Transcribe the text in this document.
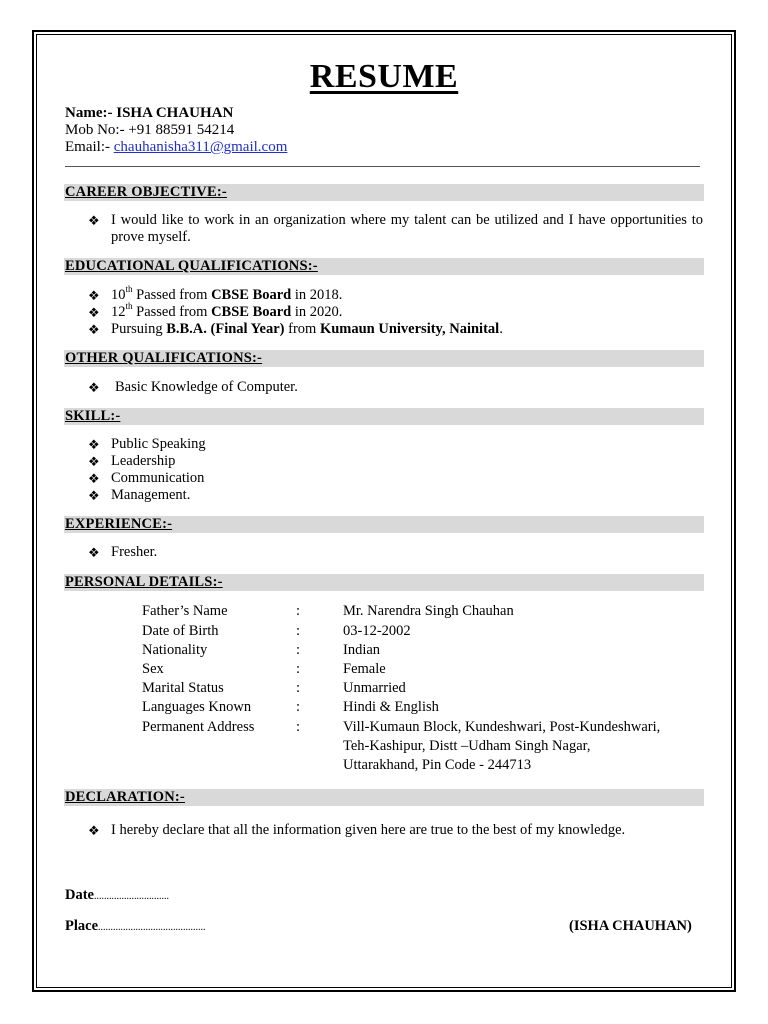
RESUME
Name:- ISHA CHAUHAN
Mob No:- +91 88591 54214
Email:- chauhanisha311@gmail.com
CAREER OBJECTIVE:-
❖ I would like to work in an organization where my talent can be utilized and I have opportunities to prove myself.
EDUCATIONAL QUALIFICATIONS:-
❖ 10th Passed from CBSE Board in 2018.
❖ 12th Passed from CBSE Board in 2020.
❖ Pursuing B.B.A. (Final Year) from Kumaun University, Nainital.
OTHER QUALIFICATIONS:-
❖ Basic Knowledge of Computer.
SKILL:-
❖ Public Speaking
❖ Leadership
❖ Communication
❖ Management.
EXPERIENCE:-
❖ Fresher.
PERSONAL DETAILS:-
Father’s Name	:	Mr. Narendra Singh Chauhan
Date of Birth	:	03-12-2002
Nationality	:	Indian
Sex	:	Female
Marital Status	:	Unmarried
Languages Known	:	Hindi & English
Permanent Address	:	Vill-Kumaun Block, Kundeshwari, Post-Kundeshwari,
Teh-Kashipur, Distt –Udham Singh Nagar,
Uttarakhand, Pin Code - 244713
DECLARATION:-
❖ I hereby declare that all the information given here are true to the best of my knowledge.
Date..............................
Place...........................................	(ISHA CHAUHAN)
